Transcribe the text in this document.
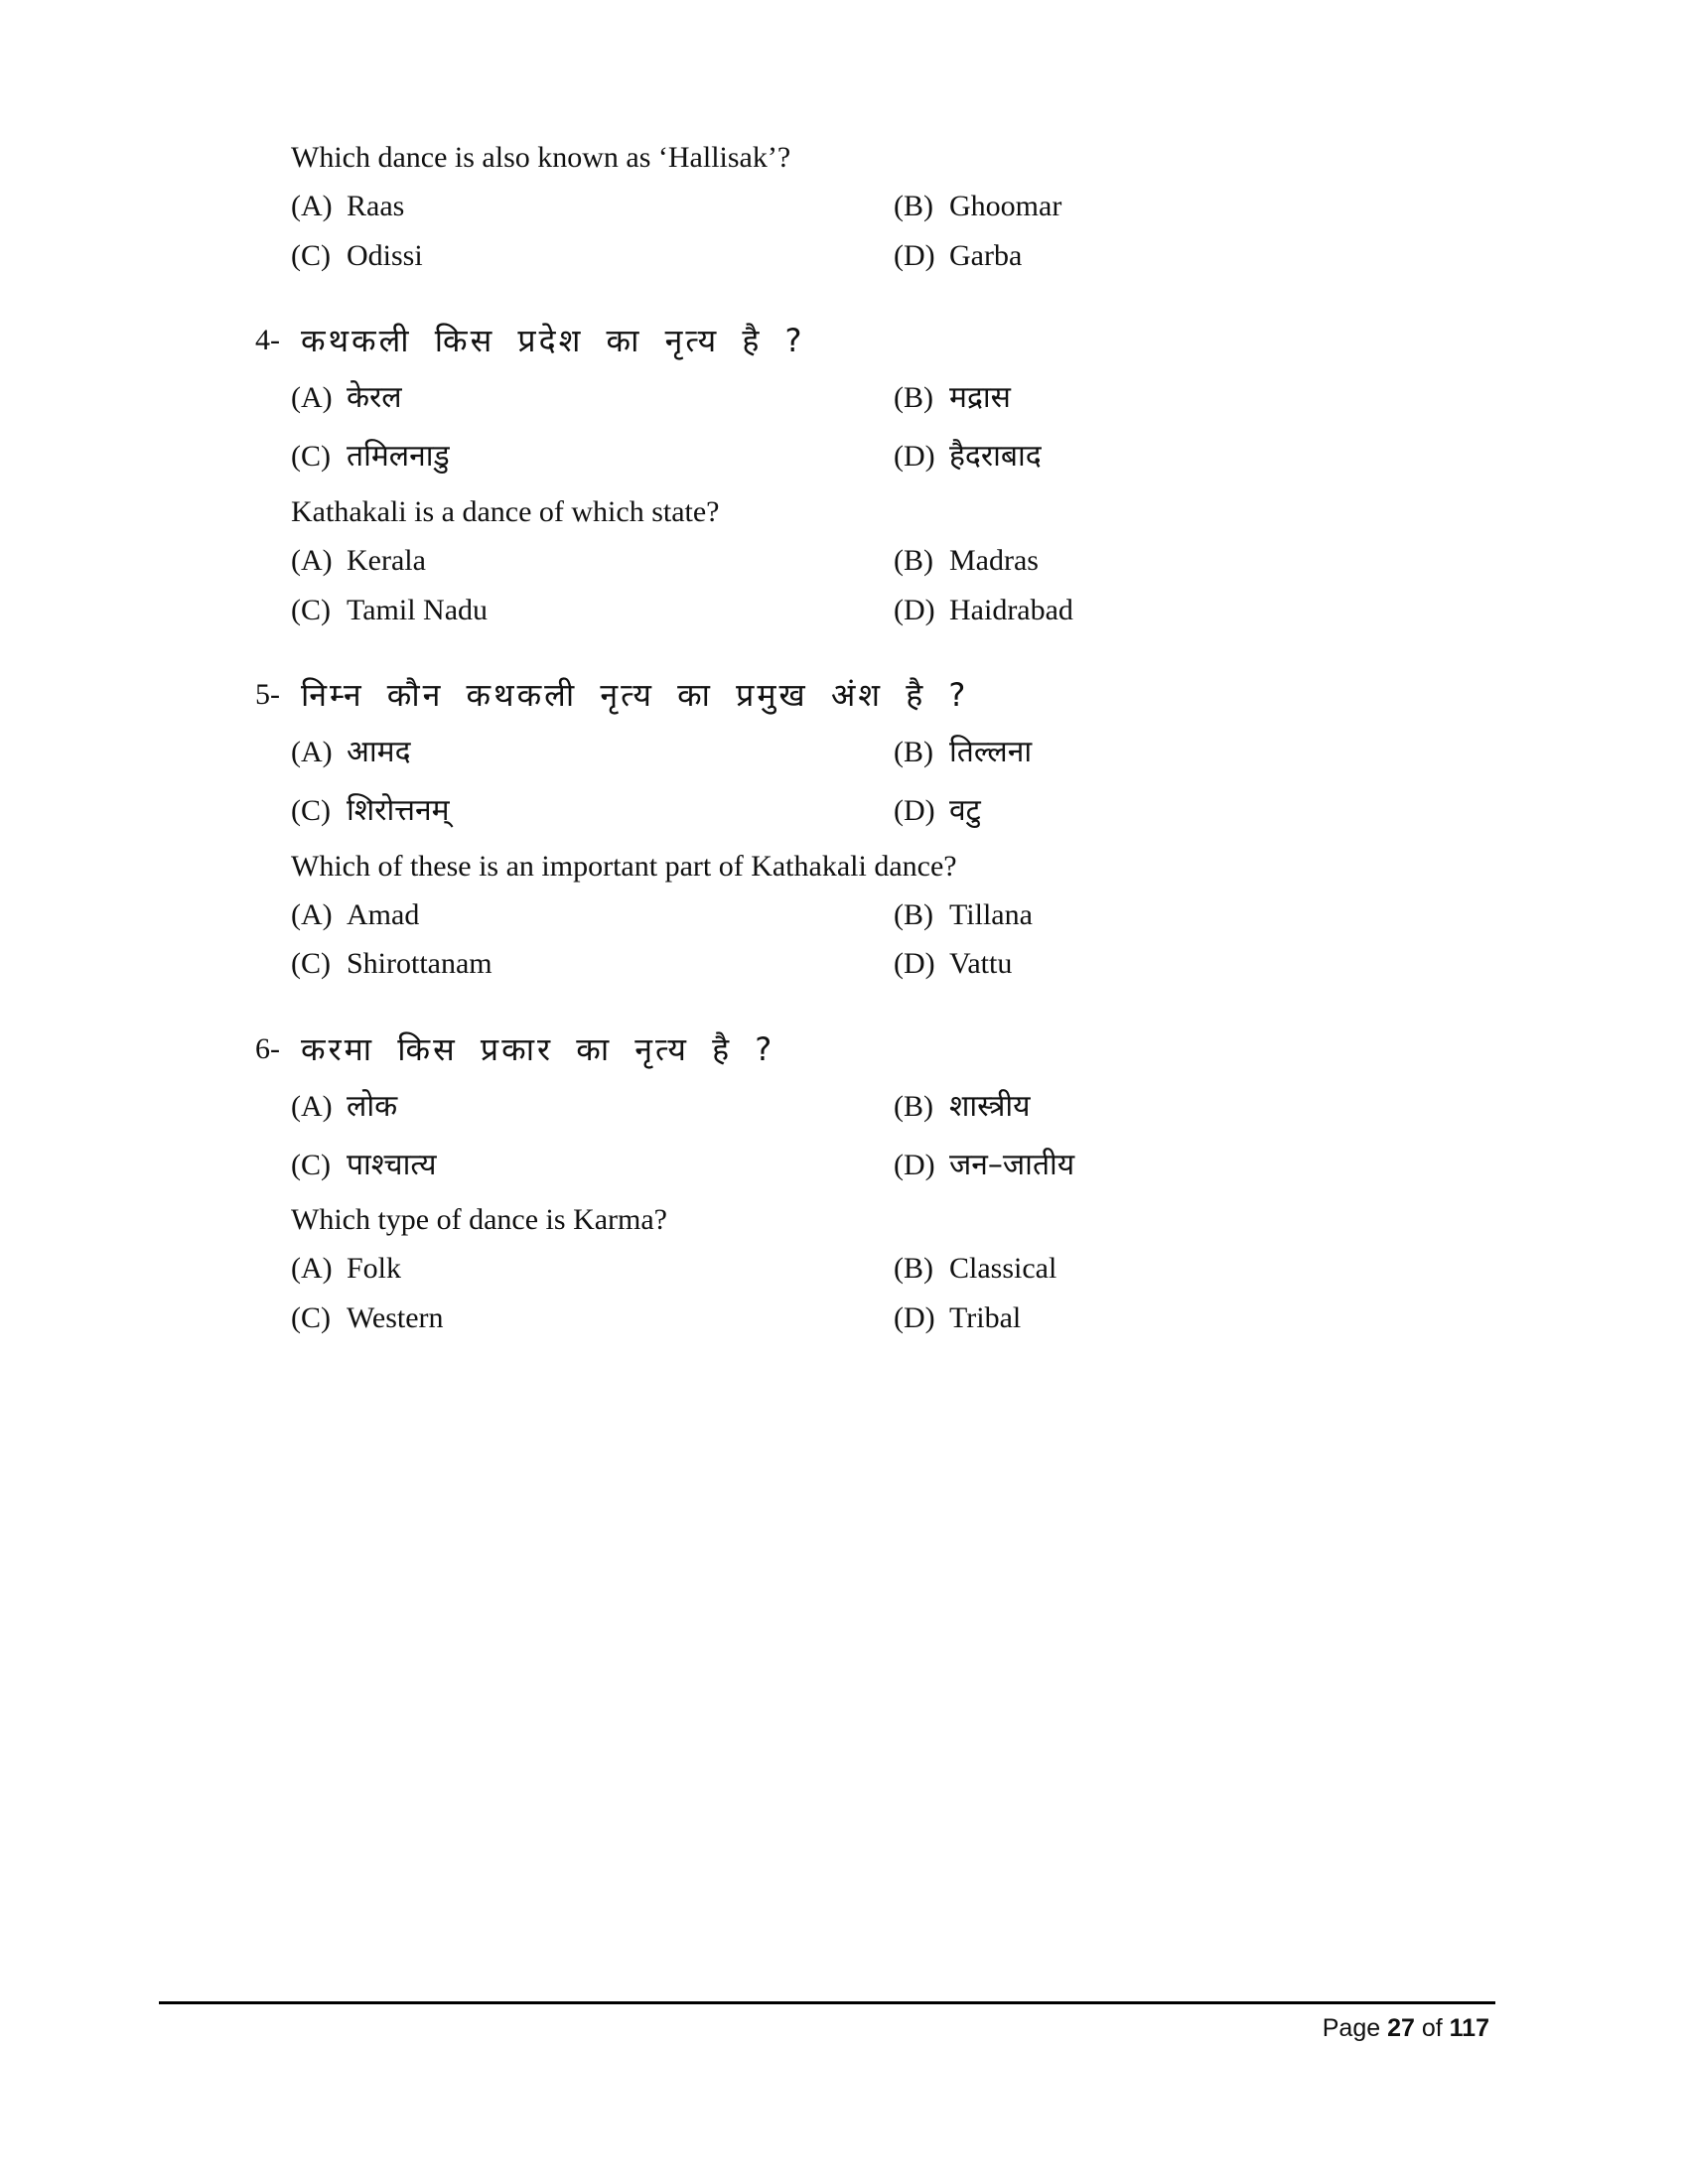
Which dance is also known as ‘Hallisak’?
(A) Raas	(B) Ghoomar
(C) Odissi	(D) Garba
4- कथकली किस प्रदेश का नृत्य है ?
(A) केरल	(B) मद्रास
(C) तमिलनाडु	(D) हैदराबाद
Kathakali is a dance of which state?
(A) Kerala	(B) Madras
(C) Tamil Nadu	(D) Haidrabad
5- निम्न कौन कथकली नृत्य का प्रमुख अंश है ?
(A) आमद	(B) तिल्लना
(C) शिरोत्तनम्	(D) वटु
Which of these is an important part of Kathakali dance?
(A) Amad	(B) Tillana
(C) Shirottanam	(D) Vattu
6- करमा किस प्रकार का नृत्य है ?
(A) लोक	(B) शास्त्रीय
(C) पाश्चात्य	(D) जन–जातीय
Which type of dance is Karma?
(A) Folk	(B) Classical
(C) Western	(D) Tribal
Page 27 of 117
